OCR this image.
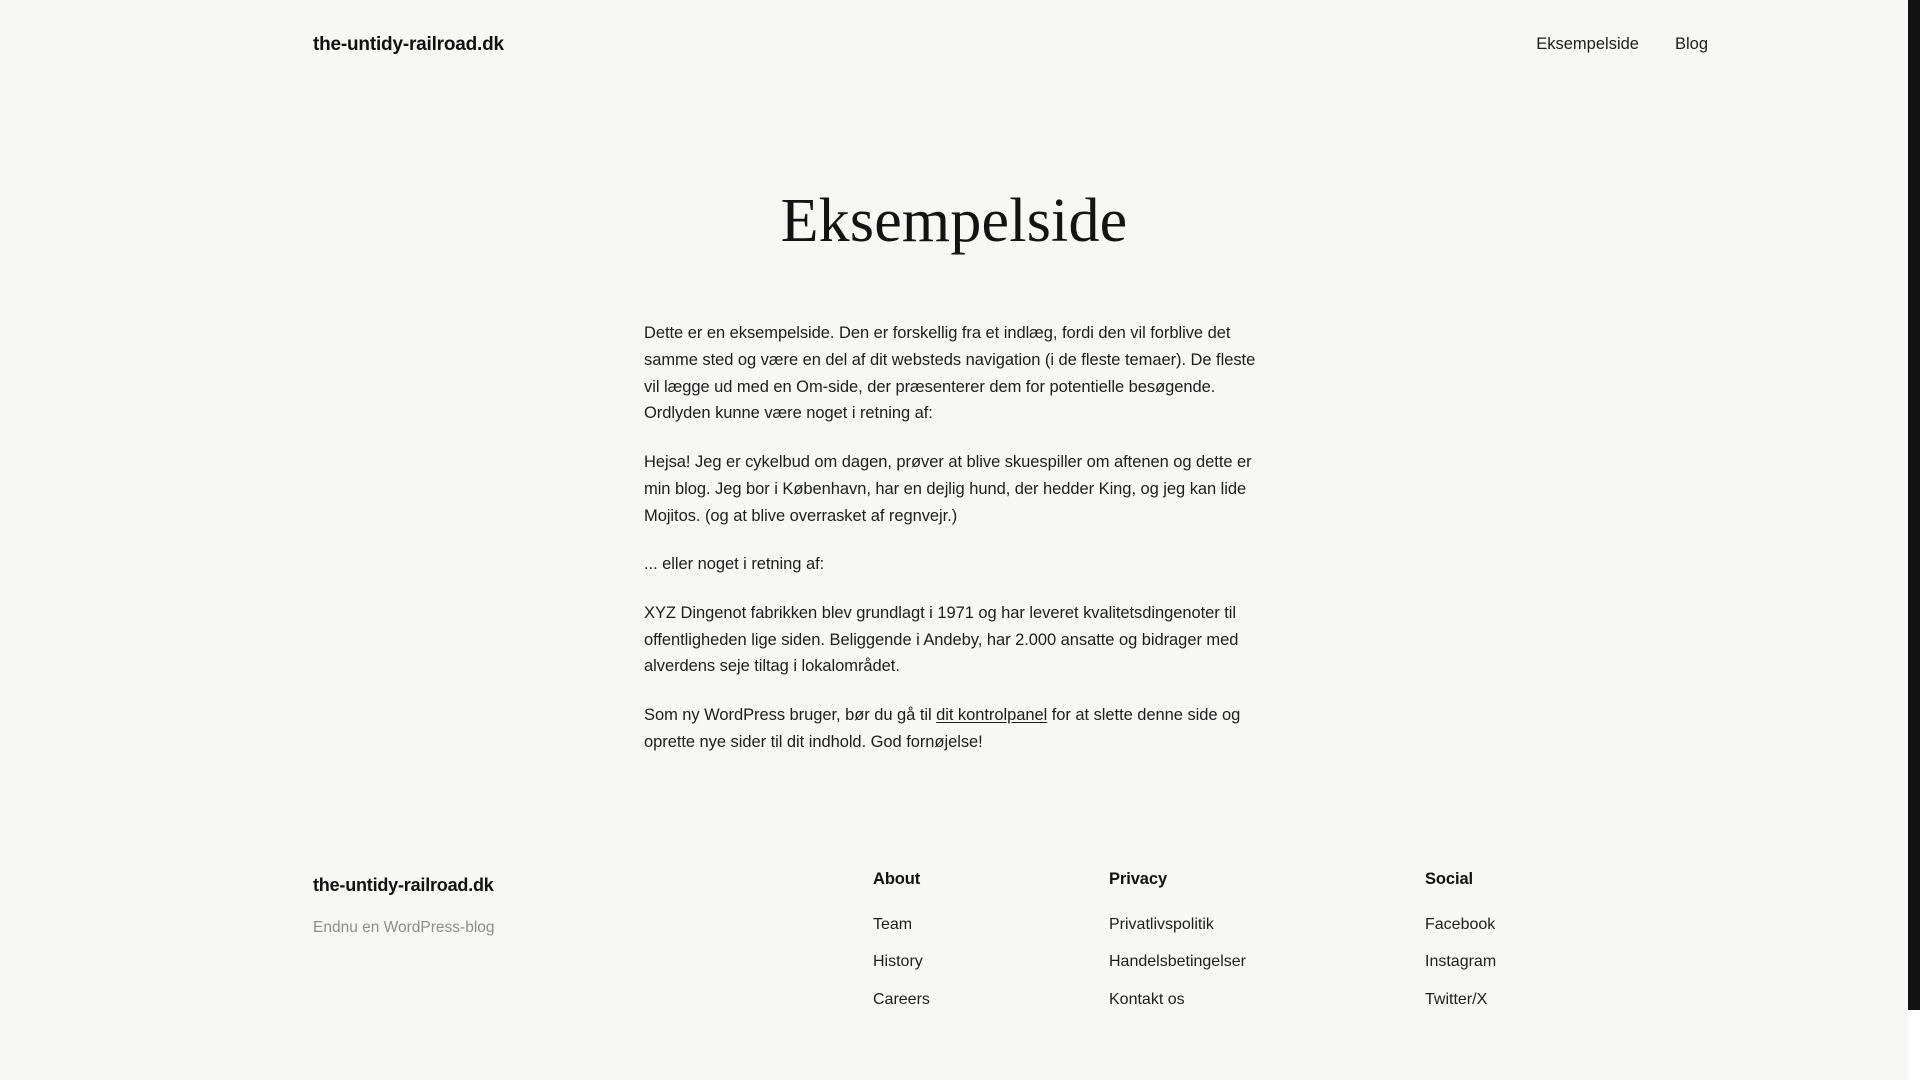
the-untidy-railroad.dk	Eksempelside Blog
Eksempelside

Dette er en eksempelside. Den er forskellig fra et indlæg, fordi den vil forblive det samme sted og være en del af dit websteds navigation (i de fleste temaer). De fleste vil lægge ud med en Om-side, der præsenterer dem for potentielle besøgende. Ordlyden kunne være noget i retning af:

Hejsa! Jeg er cykelbud om dagen, prøver at blive skuespiller om aftenen og dette er min blog. Jeg bor i København, har en dejlig hund, der hedder King, og jeg kan lide Mojitos. (og at blive overrasket af regnvejr.)

... eller noget i retning af:

XYZ Dingenot fabrikken blev grundlagt i 1971 og har leveret kvalitetsdingenoter til offentligheden lige siden. Beliggende i Andeby, har 2.000 ansatte og bidrager med alverdens seje tiltag i lokalområdet.

Som ny WordPress bruger, bør du gå til dit kontrolpanel for at slette denne side og oprette nye sider til dit indhold. God fornøjelse!

the-untidy-railroad.dk
Endnu en WordPress-blog
About
Team
History
Careers
Privacy
Privatlivspolitik
Handelsbetingelser
Kontakt os
Social
Facebook
Instagram
Twitter/X
